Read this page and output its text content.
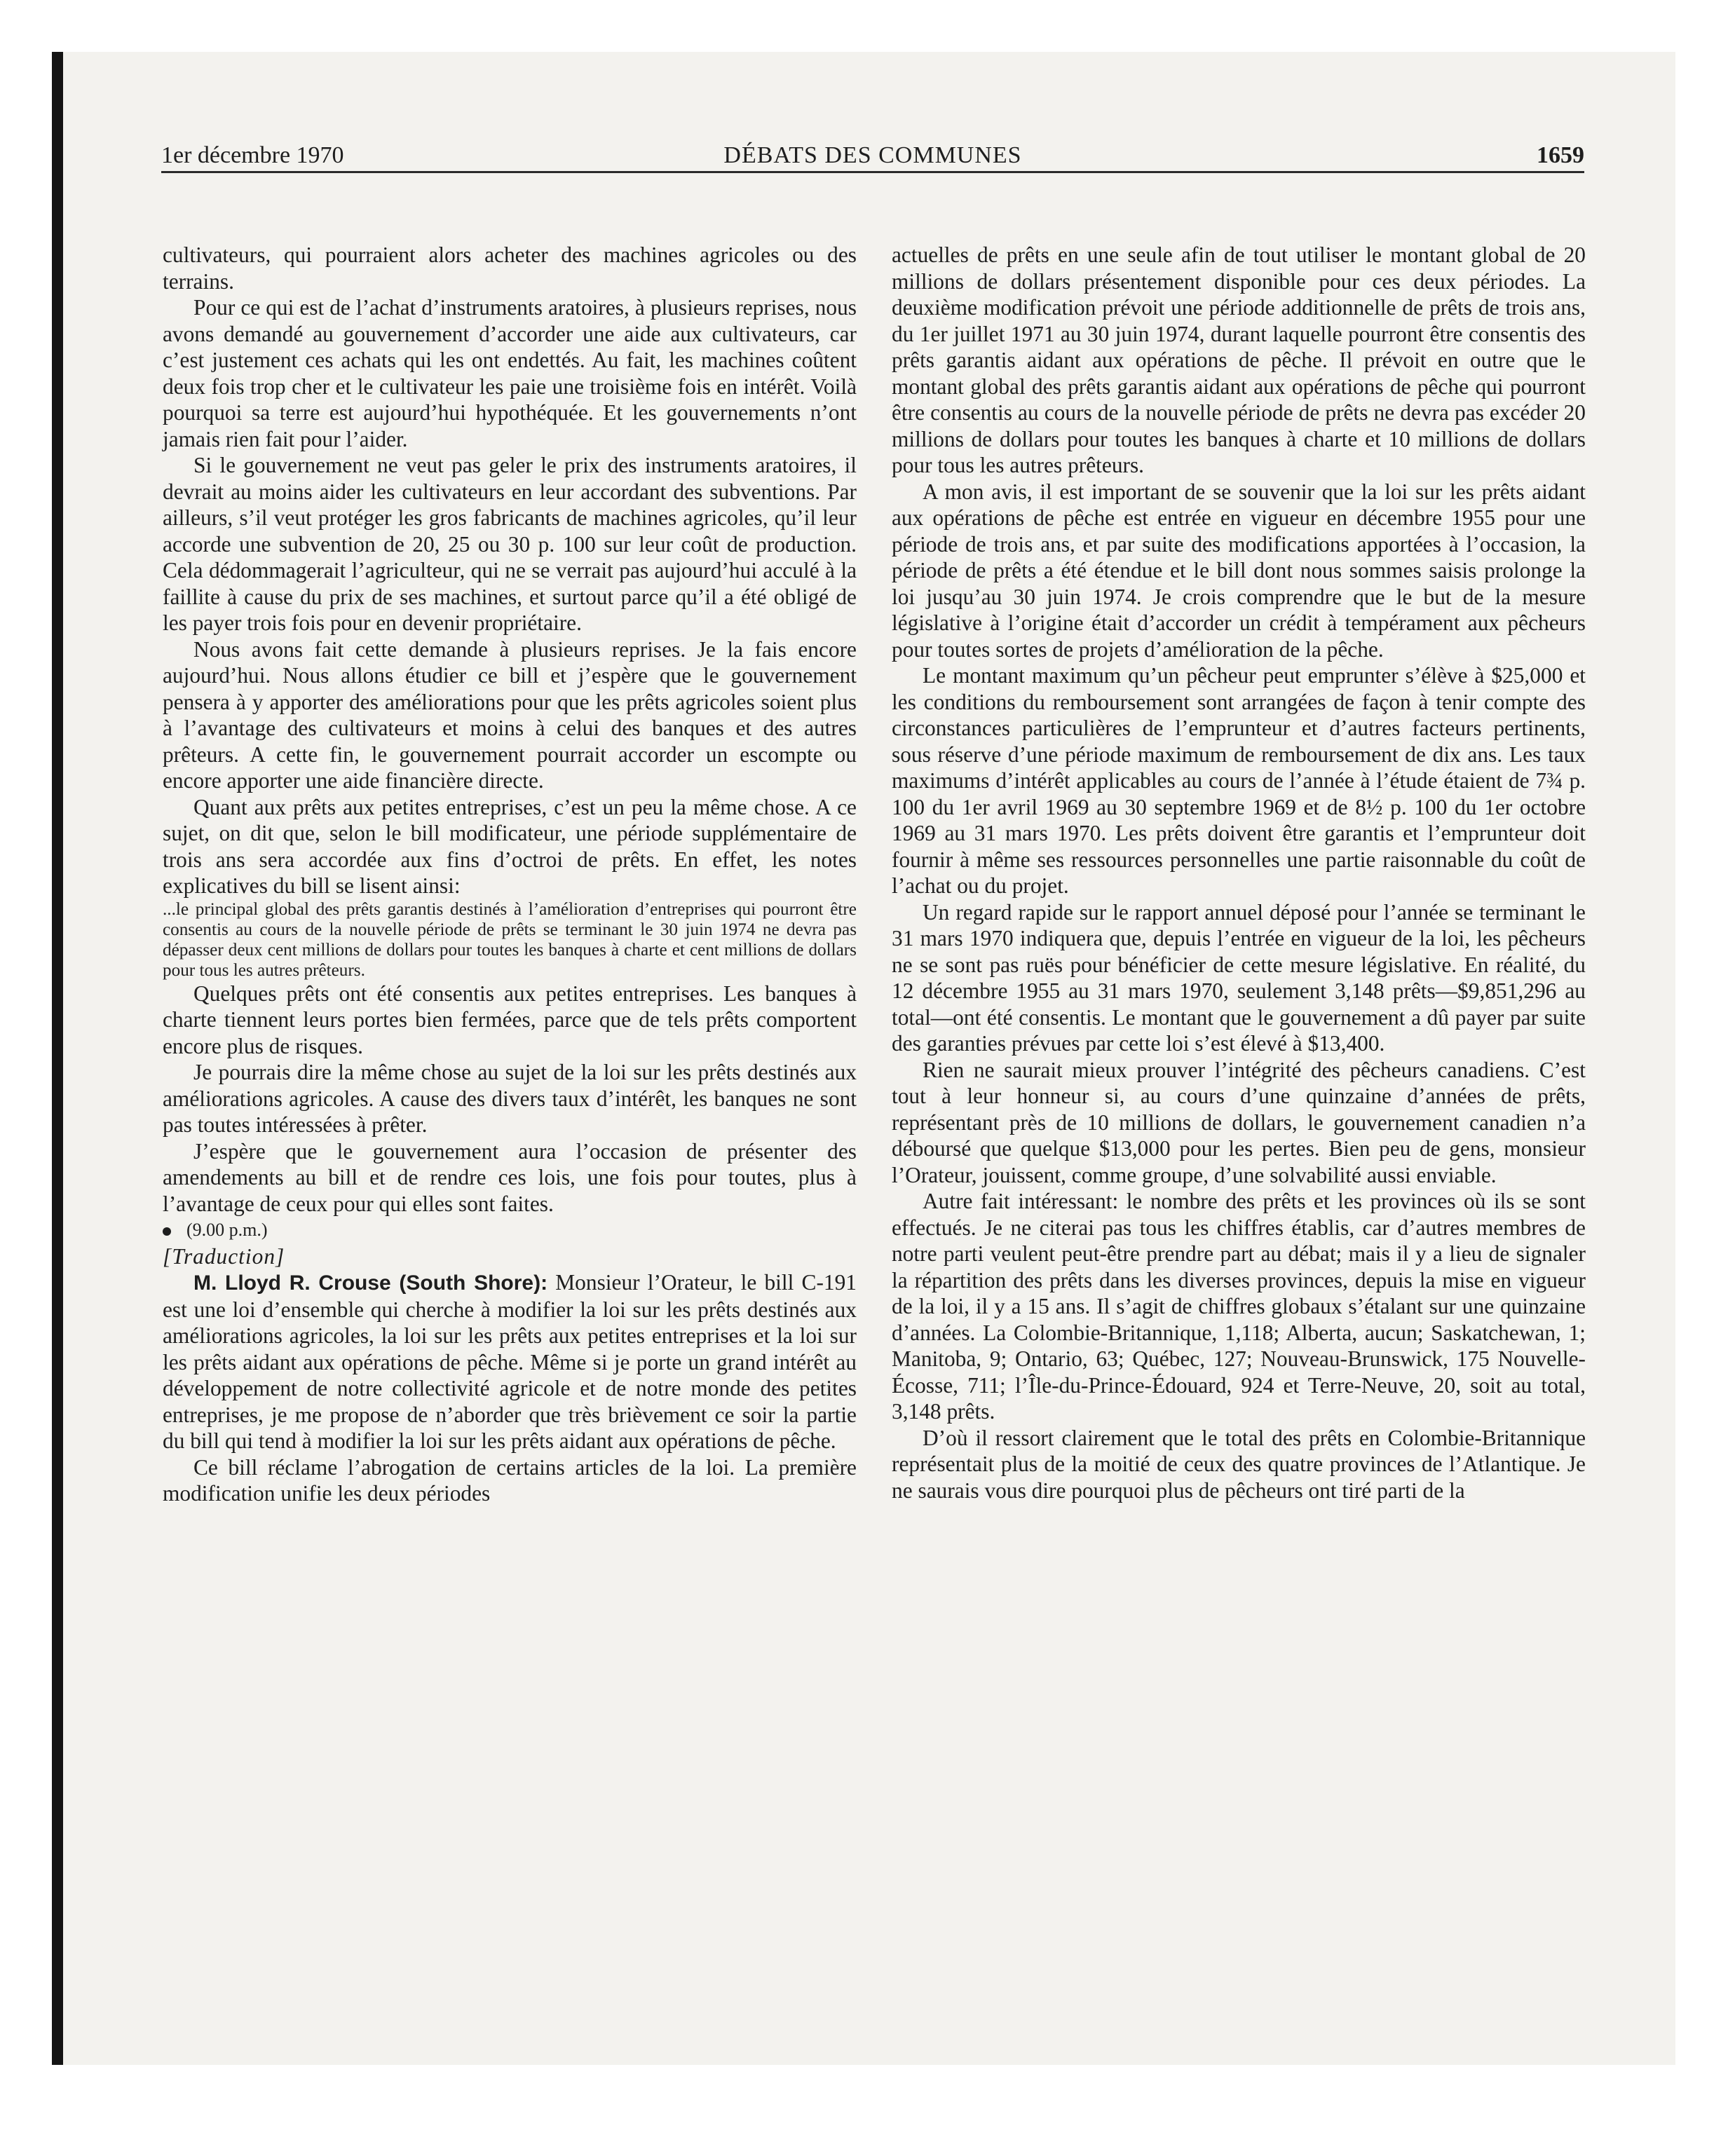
1er décembre 1970	DÉBATS DES COMMUNES	1659

cultivateurs, qui pourraient alors acheter des machines agricoles ou des terrains.

Pour ce qui est de l’achat d’instruments aratoires, à plusieurs reprises, nous avons demandé au gouvernement d’accorder une aide aux cultivateurs, car c’est justement ces achats qui les ont endettés. Au fait, les machines coûtent deux fois trop cher et le cultivateur les paie une troisième fois en intérêt. Voilà pourquoi sa terre est aujourd’hui hypothéquée. Et les gouvernements n’ont jamais rien fait pour l’aider.

Si le gouvernement ne veut pas geler le prix des instruments aratoires, il devrait au moins aider les cultivateurs en leur accordant des subventions. Par ailleurs, s’il veut protéger les gros fabricants de machines agricoles, qu’il leur accorde une subvention de 20, 25 ou 30 p. 100 sur leur coût de production. Cela dédommagerait l’agriculteur, qui ne se verrait pas aujourd’hui acculé à la faillite à cause du prix de ses machines, et surtout parce qu’il a été obligé de les payer trois fois pour en devenir propriétaire.

Nous avons fait cette demande à plusieurs reprises. Je la fais encore aujourd’hui. Nous allons étudier ce bill et j’espère que le gouvernement pensera à y apporter des améliorations pour que les prêts agricoles soient plus à l’avantage des cultivateurs et moins à celui des banques et des autres prêteurs. A cette fin, le gouvernement pourrait accorder un escompte ou encore apporter une aide financière directe.

Quant aux prêts aux petites entreprises, c’est un peu la même chose. A ce sujet, on dit que, selon le bill modificateur, une période supplémentaire de trois ans sera accordée aux fins d’octroi de prêts. En effet, les notes explicatives du bill se lisent ainsi:

...le principal global des prêts garantis destinés à l’amélioration d’entreprises qui pourront être consentis au cours de la nouvelle période de prêts se terminant le 30 juin 1974 ne devra pas dépasser deux cent millions de dollars pour toutes les banques à charte et cent millions de dollars pour tous les autres prêteurs.

Quelques prêts ont été consentis aux petites entreprises. Les banques à charte tiennent leurs portes bien fermées, parce que de tels prêts comportent encore plus de risques.

Je pourrais dire la même chose au sujet de la loi sur les prêts destinés aux améliorations agricoles. A cause des divers taux d’intérêt, les banques ne sont pas toutes intéressées à prêter.

J’espère que le gouvernement aura l’occasion de présenter des amendements au bill et de rendre ces lois, une fois pour toutes, plus à l’avantage de ceux pour qui elles sont faites.

(9.00 p.m.)

[Traduction]

M. Lloyd R. Crouse (South Shore): Monsieur l’Orateur, le bill C-191 est une loi d’ensemble qui cherche à modifier la loi sur les prêts destinés aux améliorations agricoles, la loi sur les prêts aux petites entreprises et la loi sur les prêts aidant aux opérations de pêche. Même si je porte un grand intérêt au développement de notre collectivité agricole et de notre monde des petites entreprises, je me propose de n’aborder que très brièvement ce soir la partie du bill qui tend à modifier la loi sur les prêts aidant aux opérations de pêche.

Ce bill réclame l’abrogation de certains articles de la loi. La première modification unifie les deux périodes

actuelles de prêts en une seule afin de tout utiliser le montant global de 20 millions de dollars présentement disponible pour ces deux périodes. La deuxième modification prévoit une période additionnelle de prêts de trois ans, du 1er juillet 1971 au 30 juin 1974, durant laquelle pourront être consentis des prêts garantis aidant aux opérations de pêche. Il prévoit en outre que le montant global des prêts garantis aidant aux opérations de pêche qui pourront être consentis au cours de la nouvelle période de prêts ne devra pas excéder 20 millions de dollars pour toutes les banques à charte et 10 millions de dollars pour tous les autres prêteurs.

A mon avis, il est important de se souvenir que la loi sur les prêts aidant aux opérations de pêche est entrée en vigueur en décembre 1955 pour une période de trois ans, et par suite des modifications apportées à l’occasion, la période de prêts a été étendue et le bill dont nous sommes saisis prolonge la loi jusqu’au 30 juin 1974. Je crois comprendre que le but de la mesure législative à l’origine était d’accorder un crédit à tempérament aux pêcheurs pour toutes sortes de projets d’amélioration de la pêche.

Le montant maximum qu’un pêcheur peut emprunter s’élève à $25,000 et les conditions du remboursement sont arrangées de façon à tenir compte des circonstances particulières de l’emprunteur et d’autres facteurs pertinents, sous réserve d’une période maximum de remboursement de dix ans. Les taux maximums d’intérêt applicables au cours de l’année à l’étude étaient de 7¾ p. 100 du 1er avril 1969 au 30 septembre 1969 et de 8½ p. 100 du 1er octobre 1969 au 31 mars 1970. Les prêts doivent être garantis et l’emprunteur doit fournir à même ses ressources personnelles une partie raisonnable du coût de l’achat ou du projet.

Un regard rapide sur le rapport annuel déposé pour l’année se terminant le 31 mars 1970 indiquera que, depuis l’entrée en vigueur de la loi, les pêcheurs ne se sont pas ruës pour bénéficier de cette mesure législative. En réalité, du 12 décembre 1955 au 31 mars 1970, seulement 3,148 prêts—$9,851,296 au total—ont été consentis. Le montant que le gouvernement a dû payer par suite des garanties prévues par cette loi s’est élevé à $13,400.

Rien ne saurait mieux prouver l’intégrité des pêcheurs canadiens. C’est tout à leur honneur si, au cours d’une quinzaine d’années de prêts, représentant près de 10 millions de dollars, le gouvernement canadien n’a déboursé que quelque $13,000 pour les pertes. Bien peu de gens, monsieur l’Orateur, jouissent, comme groupe, d’une solvabilité aussi enviable.

Autre fait intéressant: le nombre des prêts et les provinces où ils se sont effectués. Je ne citerai pas tous les chiffres établis, car d’autres membres de notre parti veulent peut-être prendre part au débat; mais il y a lieu de signaler la répartition des prêts dans les diverses provinces, depuis la mise en vigueur de la loi, il y a 15 ans. Il s’agit de chiffres globaux s’étalant sur une quinzaine d’années. La Colombie-Britannique, 1,118; Alberta, aucun; Saskatchewan, 1; Manitoba, 9; Ontario, 63; Québec, 127; Nouveau-Brunswick, 175 Nouvelle-Écosse, 711; l’Île-du-Prince-Édouard, 924 et Terre-Neuve, 20, soit au total, 3,148 prêts.

D’où il ressort clairement que le total des prêts en Colombie-Britannique représentait plus de la moitié de ceux des quatre provinces de l’Atlantique. Je ne saurais vous dire pourquoi plus de pêcheurs ont tiré parti de la
